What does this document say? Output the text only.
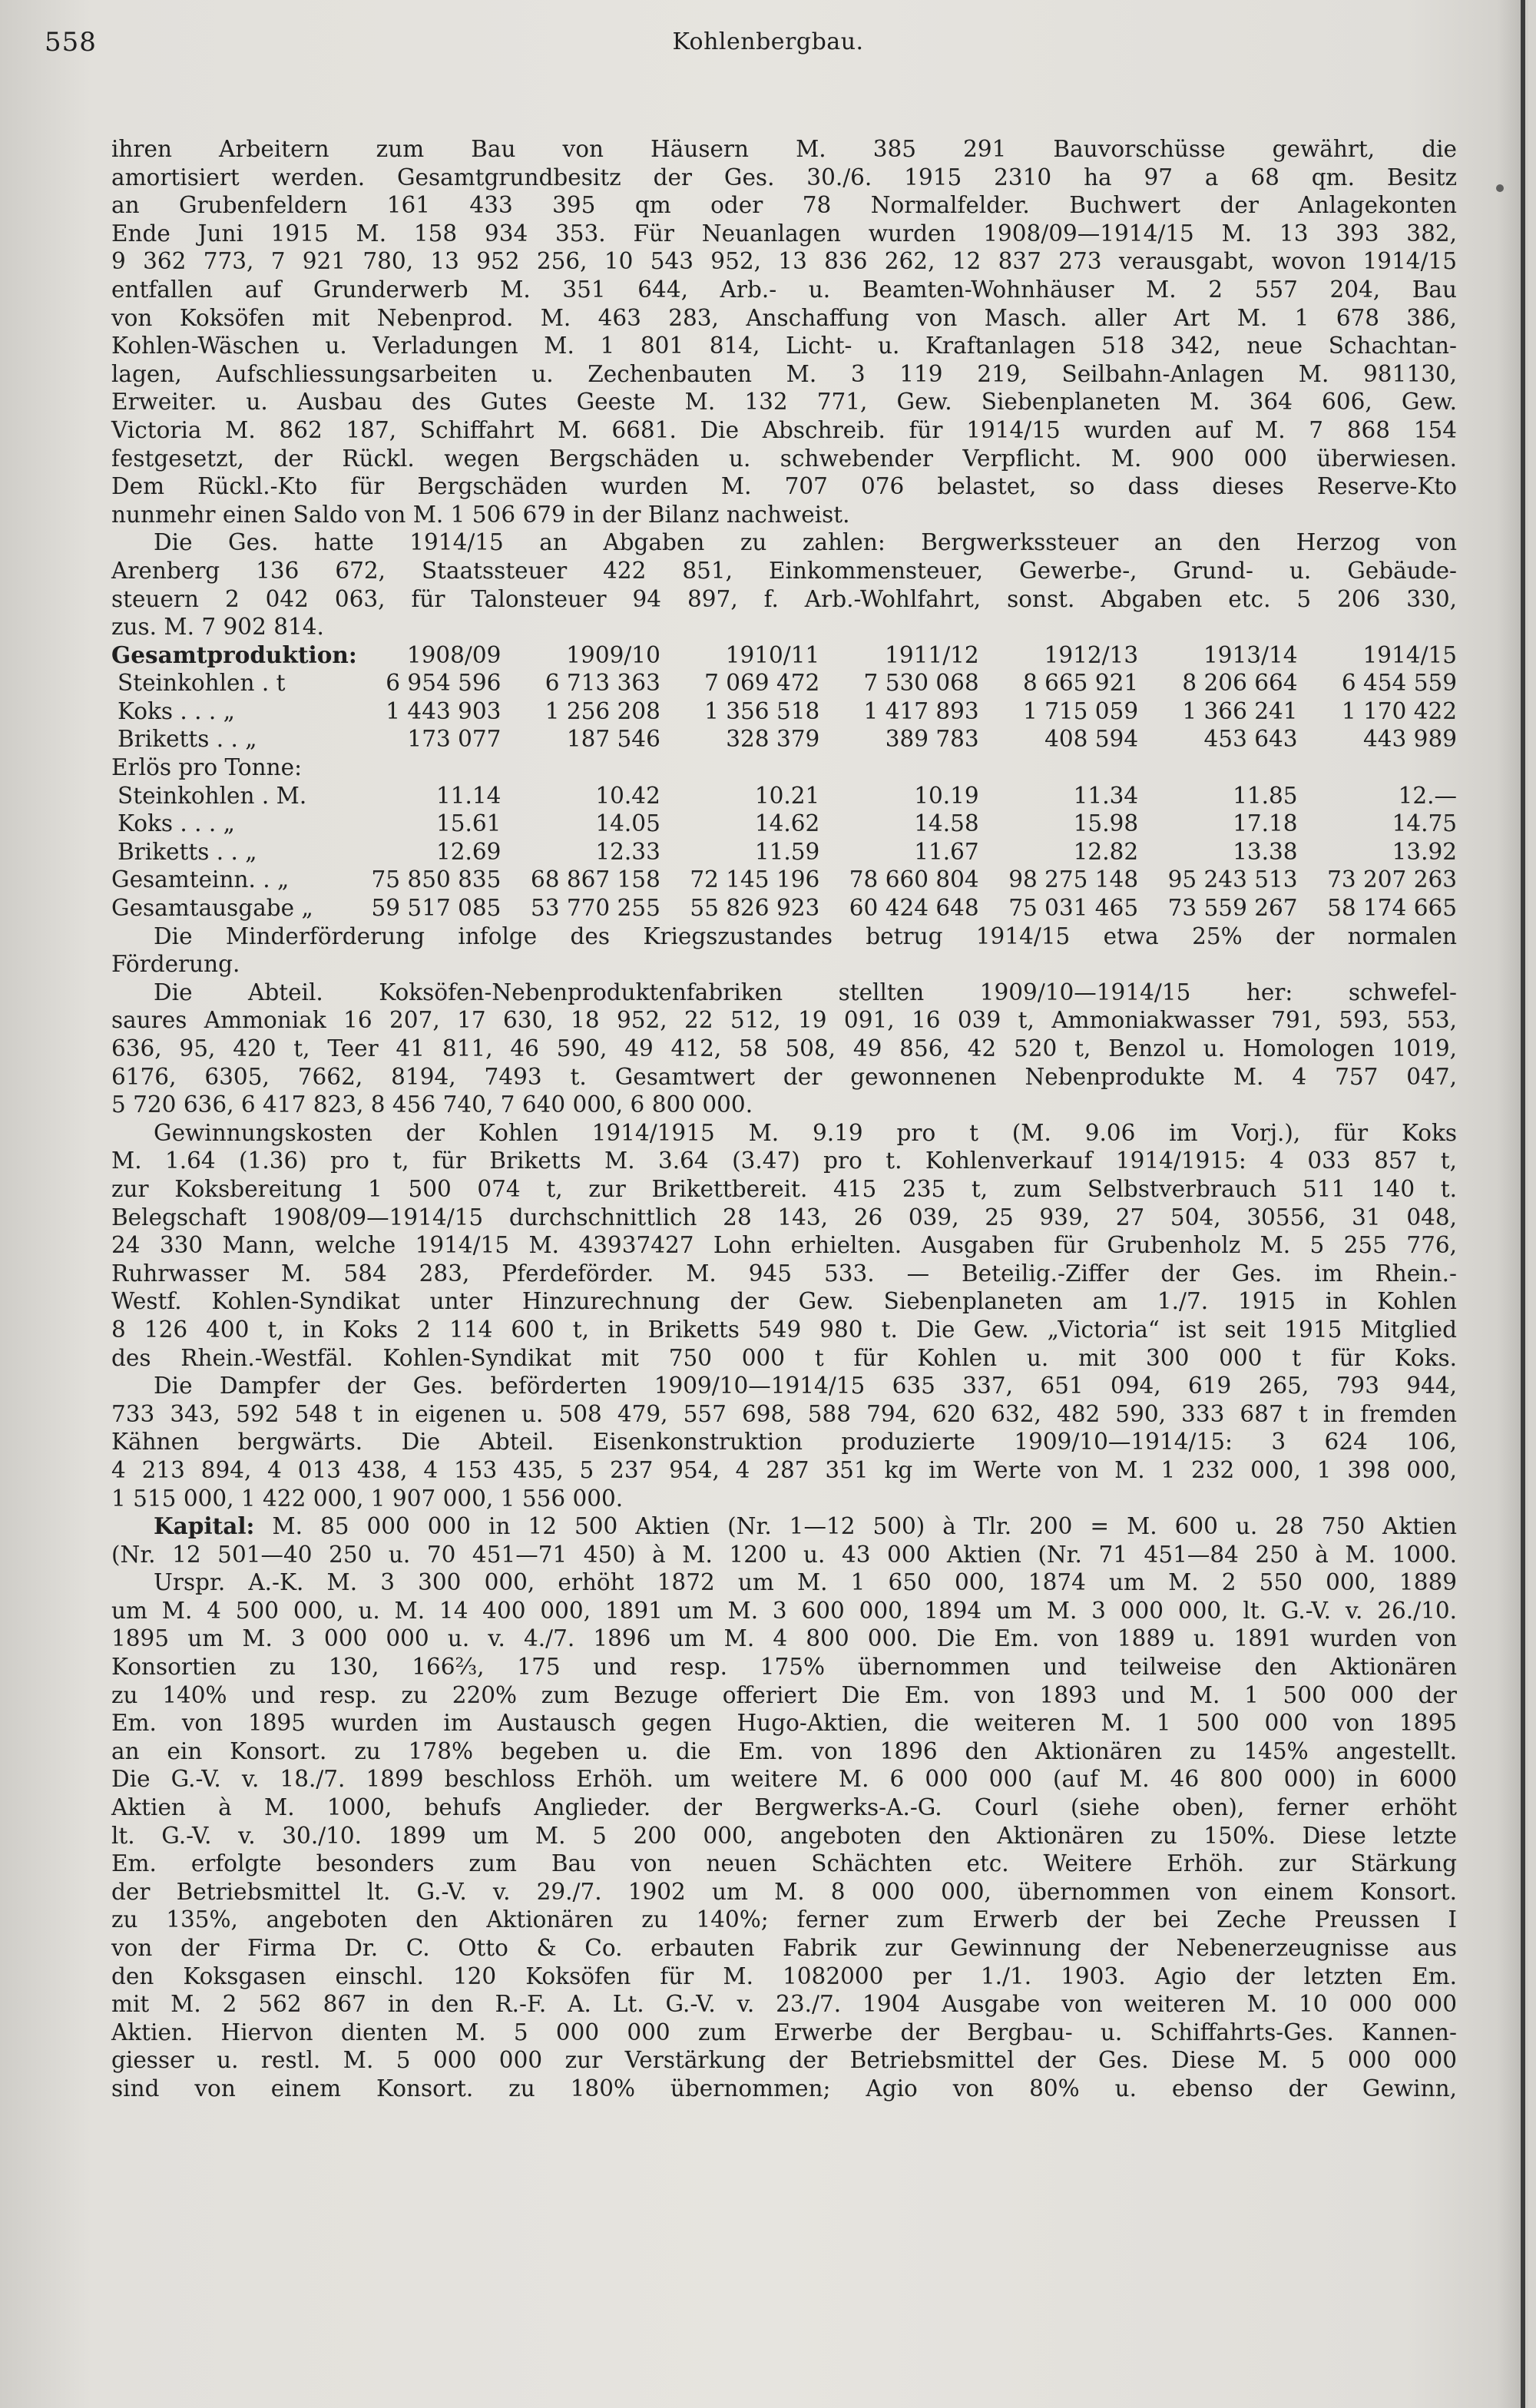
558	Kohlenbergbau.
ihren Arbeitern zum Bau von Häusern M. 385 291 Bauvorschüsse gewährt, die
amortisiert werden. Gesamtgrundbesitz der Ges. 30./6. 1915 2310 ha 97 a 68 qm. Besitz
an Grubenfeldern 161 433 395 qm oder 78 Normalfelder. Buchwert der Anlagekonten
Ende Juni 1915 M. 158 934 353. Für Neuanlagen wurden 1908/09—1914/15 M. 13 393 382,
9 362 773, 7 921 780, 13 952 256, 10 543 952, 13 836 262, 12 837 273 verausgabt, wovon 1914/15
entfallen auf Grunderwerb M. 351 644, Arb.- u. Beamten-Wohnhäuser M. 2 557 204, Bau
von Koksöfen mit Nebenprod. M. 463 283, Anschaffung von Masch. aller Art M. 1 678 386,
Kohlen-Wäschen u. Verladungen M. 1 801 814, Licht- u. Kraftanlagen 518 342, neue Schachtan-
lagen, Aufschliessungsarbeiten u. Zechenbauten M. 3 119 219, Seilbahn-Anlagen M. 981130,
Erweiter. u. Ausbau des Gutes Geeste M. 132 771, Gew. Siebenplaneten M. 364 606, Gew.
Victoria M. 862 187, Schiffahrt M. 6681. Die Abschreib. für 1914/15 wurden auf M. 7 868 154
festgesetzt, der Rückl. wegen Bergschäden u. schwebender Verpflicht. M. 900 000 überwiesen.
Dem Rückl.-Kto für Bergschäden wurden M. 707 076 belastet, so dass dieses Reserve-Kto
nunmehr einen Saldo von M. 1 506 679 in der Bilanz nachweist.
Die Ges. hatte 1914/15 an Abgaben zu zahlen: Bergwerkssteuer an den Herzog von
Arenberg 136 672, Staatssteuer 422 851, Einkommensteuer, Gewerbe-, Grund- u. Gebäude-
steuern 2 042 063, für Talonsteuer 94 897, f. Arb.-Wohlfahrt, sonst. Abgaben etc. 5 206 330,
zus. M. 7 902 814.
Gesamtproduktion:	1908/09	1909/10	1910/11	1911/12	1912/13	1913/14	1914/15
Steinkohlen . t	6 954 596	6 713 363	7 069 472	7 530 068	8 665 921	8 206 664	6 454 559
Koks . . . „	1 443 903	1 256 208	1 356 518	1 417 893	1 715 059	1 366 241	1 170 422
Briketts . . „	173 077	187 546	328 379	389 783	408 594	453 643	443 989
Erlös pro Tonne:							
Steinkohlen . M.	11.14	10.42	10.21	10.19	11.34	11.85	12.—
Koks . . . „	15.61	14.05	14.62	14.58	15.98	17.18	14.75
Briketts . . „	12.69	12.33	11.59	11.67	12.82	13.38	13.92
Gesamteinn. . „	75 850 835	68 867 158	72 145 196	78 660 804	98 275 148	95 243 513	73 207 263
Gesamtausgabe „	59 517 085	53 770 255	55 826 923	60 424 648	75 031 465	73 559 267	58 174 665
Die Minderförderung infolge des Kriegszustandes betrug 1914/15 etwa 25% der normalen
Förderung.
Die Abteil. Koksöfen-Nebenproduktenfabriken stellten 1909/10—1914/15 her: schwefel-
saures Ammoniak 16 207, 17 630, 18 952, 22 512, 19 091, 16 039 t, Ammoniakwasser 791, 593, 553,
636, 95, 420 t, Teer 41 811, 46 590, 49 412, 58 508, 49 856, 42 520 t, Benzol u. Homologen 1019,
6176, 6305, 7662, 8194, 7493 t. Gesamtwert der gewonnenen Nebenprodukte M. 4 757 047,
5 720 636, 6 417 823, 8 456 740, 7 640 000, 6 800 000.
Gewinnungskosten der Kohlen 1914/1915 M. 9.19 pro t (M. 9.06 im Vorj.), für Koks
M. 1.64 (1.36) pro t, für Briketts M. 3.64 (3.47) pro t. Kohlenverkauf 1914/1915: 4 033 857 t,
zur Koksbereitung 1 500 074 t, zur Brikettbereit. 415 235 t, zum Selbstverbrauch 511 140 t.
Belegschaft 1908/09—1914/15 durchschnittlich 28 143, 26 039, 25 939, 27 504, 30556, 31 048,
24 330 Mann, welche 1914/15 M. 43937427 Lohn erhielten. Ausgaben für Grubenholz M. 5 255 776,
Ruhrwasser M. 584 283, Pferdeförder. M. 945 533. — Beteilig.-Ziffer der Ges. im Rhein.-
Westf. Kohlen-Syndikat unter Hinzurechnung der Gew. Siebenplaneten am 1./7. 1915 in Kohlen
8 126 400 t, in Koks 2 114 600 t, in Briketts 549 980 t. Die Gew. „Victoria“ ist seit 1915 Mitglied
des Rhein.-Westfäl. Kohlen-Syndikat mit 750 000 t für Kohlen u. mit 300 000 t für Koks.
Die Dampfer der Ges. beförderten 1909/10—1914/15 635 337, 651 094, 619 265, 793 944,
733 343, 592 548 t in eigenen u. 508 479, 557 698, 588 794, 620 632, 482 590, 333 687 t in fremden
Kähnen bergwärts. Die Abteil. Eisenkonstruktion produzierte 1909/10—1914/15: 3 624 106,
4 213 894, 4 013 438, 4 153 435, 5 237 954, 4 287 351 kg im Werte von M. 1 232 000, 1 398 000,
1 515 000, 1 422 000, 1 907 000, 1 556 000.
Kapital: M. 85 000 000 in 12 500 Aktien (Nr. 1—12 500) à Tlr. 200 = M. 600 u. 28 750 Aktien
(Nr. 12 501—40 250 u. 70 451—71 450) à M. 1200 u. 43 000 Aktien (Nr. 71 451—84 250 à M. 1000.
Urspr. A.-K. M. 3 300 000, erhöht 1872 um M. 1 650 000, 1874 um M. 2 550 000, 1889
um M. 4 500 000, u. M. 14 400 000, 1891 um M. 3 600 000, 1894 um M. 3 000 000, lt. G.-V. v. 26./10.
1895 um M. 3 000 000 u. v. 4./7. 1896 um M. 4 800 000. Die Em. von 1889 u. 1891 wurden von
Konsortien zu 130, 166⅔, 175 und resp. 175% übernommen und teilweise den Aktionären
zu 140% und resp. zu 220% zum Bezuge offeriert Die Em. von 1893 und M. 1 500 000 der
Em. von 1895 wurden im Austausch gegen Hugo-Aktien, die weiteren M. 1 500 000 von 1895
an ein Konsort. zu 178% begeben u. die Em. von 1896 den Aktionären zu 145% angestellt.
Die G.-V. v. 18./7. 1899 beschloss Erhöh. um weitere M. 6 000 000 (auf M. 46 800 000) in 6000
Aktien à M. 1000, behufs Anglieder. der Bergwerks-A.-G. Courl (siehe oben), ferner erhöht
lt. G.-V. v. 30./10. 1899 um M. 5 200 000, angeboten den Aktionären zu 150%. Diese letzte
Em. erfolgte besonders zum Bau von neuen Schächten etc. Weitere Erhöh. zur Stärkung
der Betriebsmittel lt. G.-V. v. 29./7. 1902 um M. 8 000 000, übernommen von einem Konsort.
zu 135%, angeboten den Aktionären zu 140%; ferner zum Erwerb der bei Zeche Preussen I
von der Firma Dr. C. Otto & Co. erbauten Fabrik zur Gewinnung der Nebenerzeugnisse aus
den Koksgasen einschl. 120 Koksöfen für M. 1082000 per 1./1. 1903. Agio der letzten Em.
mit M. 2 562 867 in den R.-F. A. Lt. G.-V. v. 23./7. 1904 Ausgabe von weiteren M. 10 000 000
Aktien. Hiervon dienten M. 5 000 000 zum Erwerbe der Bergbau- u. Schiffahrts-Ges. Kannen-
giesser u. restl. M. 5 000 000 zur Verstärkung der Betriebsmittel der Ges. Diese M. 5 000 000
sind von einem Konsort. zu 180% übernommen; Agio von 80% u. ebenso der Gewinn,
